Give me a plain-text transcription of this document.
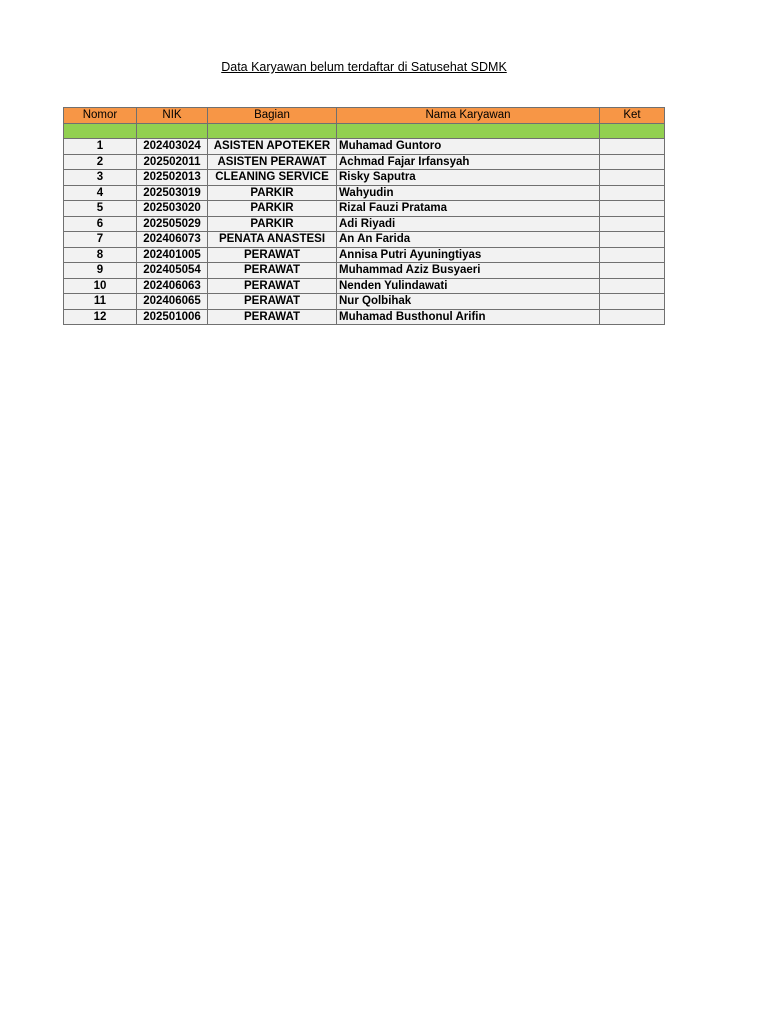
Data Karyawan belum terdaftar di Satusehat SDMK
Nomor	NIK	Bagian	Nama Karyawan	Ket

1	202403024	ASISTEN APOTEKER	Muhamad Guntoro	
2	202502011	ASISTEN PERAWAT	Achmad Fajar Irfansyah	
3	202502013	CLEANING SERVICE	Risky Saputra	
4	202503019	PARKIR	Wahyudin	
5	202503020	PARKIR	Rizal Fauzi Pratama	
6	202505029	PARKIR	Adi Riyadi	
7	202406073	PENATA ANASTESI	An An Farida	
8	202401005	PERAWAT	Annisa Putri Ayuningtiyas	
9	202405054	PERAWAT	Muhammad Aziz Busyaeri	
10	202406063	PERAWAT	Nenden Yulindawati	
11	202406065	PERAWAT	Nur Qolbihak	
12	202501006	PERAWAT	Muhamad Busthonul Arifin	
